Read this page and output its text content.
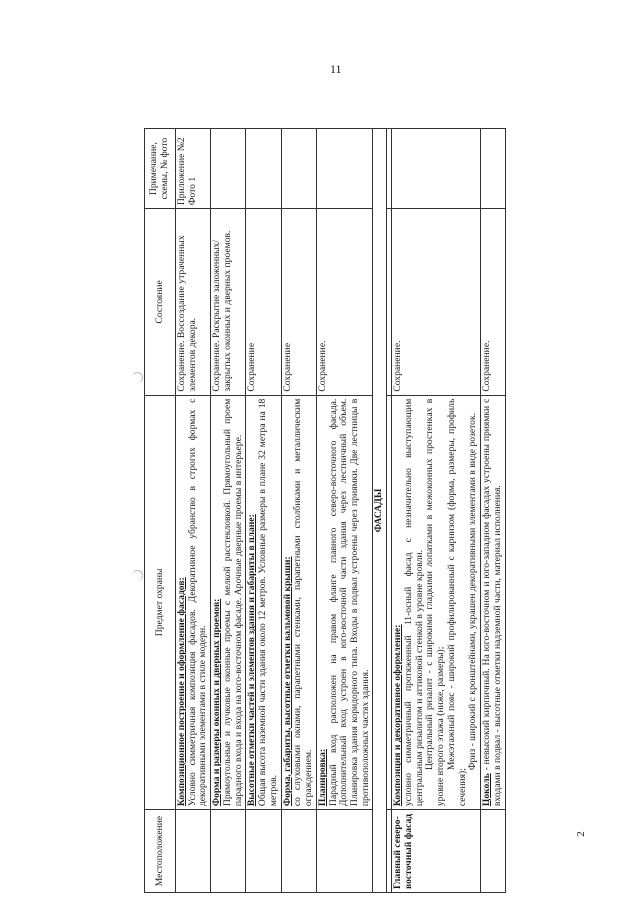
11
2
Местоположение	Предмет охраны	Состояние	Примечание, схемы, № фото
	Композиционное построение и оформление фасадов:
Условно симметричная композиция фасадов. Декоративное убранство в строгих формах с декоративными элементами в стиле модерн.	Сохранение. Воссоздание утраченных элементов декора.	Приложение №2 Фото 1
	Форма и размеры оконных и дверных проемов:
Прямоугольные и лучковые оконные проемы с мелкой расстекловкой. Прямоугольный проем парадного входа и входа на юго-восточном фасаде. Арочные дверные проемы в интерьере.	Сохранение. Раскрытие заложенных/ закрытых оконных и дверных проемов.	
	Высотные отметки частей и элементов здания и габариты в плане:
Общая высота наземной части здания около 12 метров. Условные размеры в плане 32 метра на 18 метров.	Сохранение	
	Форма, габариты, высотные отметки вальмовой крыши:
со слуховыми окнами, парапетными стенками, парапетными столбиками и металлическим ограждением.	Сохранение	
	Планировка:
Парадный вход расположен на правом фланге главного северо-восточного фасада. Дополнительный вход устроен в юго-восточной части здания через лестничный объем. Планировка здания коридорного типа. Входы в подвал устроены через приямки. Две лестницы в противоположных частях здания.	Сохранение.	
ФАСАДЫ			

Главный северо-восточный фасад	Композиция и декоративное оформление:
условно симметричный протяженный 11-осный фасад с незначительно выступающим центральным ризалитом и аттиковой стенкой в уровне кровли. Центральный ризалит - с широкими гладкими лопатками в межоконных простенках в уровне второго этажа (ниже, размеры); Межэтажный пояс - широкий профилированный с карнизом (форма, размеры, профиль сечения);
Фриз - широкий с кронштейнами, украшен декоративными элементами в виде розеток.	Сохранение.	
	Цоколь - невысокий кирпичный. На юго-восточном и юго-западном фасадах устроены приямки с входами в подвал - высотные отметки надземной части, материал исполнения.	Сохранение.	
